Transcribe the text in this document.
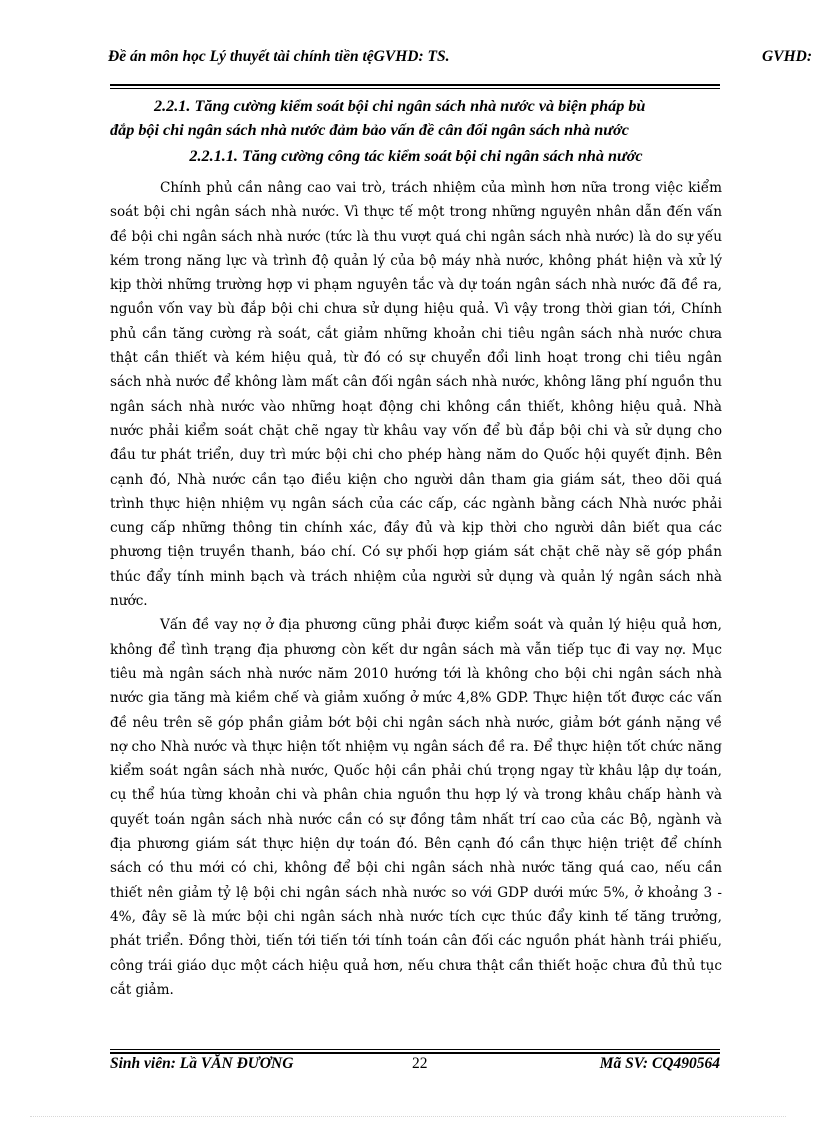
Đề án môn học Lý thuyết tài chính tiền tệGVHD: TS.	GVHD:
2.2.1. Tăng cường kiểm soát bội chi ngân sách nhà nước và biện pháp bù
đắp bội chi ngân sách nhà nước đảm bảo vấn đề cân đối ngân sách nhà nước
2.2.1.1. Tăng cường công tác kiểm soát bội chi ngân sách nhà nước

Chính phủ cần nâng cao vai trò, trách nhiệm của mình hơn nữa trong việc kiểm soát bội chi ngân sách nhà nước. Vì thực tế một trong những nguyên nhân dẫn đến vấn đề bội chi ngân sách nhà nước (tức là thu vượt quá chi ngân sách nhà nước) là do sự yếu kém trong năng lực và trình độ quản lý của bộ máy nhà nước, không phát hiện và xử lý kịp thời những trường hợp vi phạm nguyên tắc và dự toán ngân sách nhà nước đã đề ra, nguồn vốn vay bù đắp bội chi chưa sử dụng hiệu quả. Vì vậy trong thời gian tới, Chính phủ cần tăng cường rà soát, cắt giảm những khoản chi tiêu ngân sách nhà nước chưa thật cần thiết và kém hiệu quả, từ đó có sự chuyển đổi linh hoạt trong chi tiêu ngân sách nhà nước để không làm mất cân đối ngân sách nhà nước, không lãng phí nguồn thu ngân sách nhà nước vào những hoạt động chi không cần thiết, không hiệu quả. Nhà nước phải kiểm soát chặt chẽ ngay từ khâu vay vốn để bù đắp bội chi và sử dụng cho đầu tư phát triển, duy trì mức bội chi cho phép hàng năm do Quốc hội quyết định. Bên cạnh đó, Nhà nước cần tạo điều kiện cho người dân tham gia giám sát, theo dõi quá trình thực hiện nhiệm vụ ngân sách của các cấp, các ngành bằng cách Nhà nước phải cung cấp những thông tin chính xác, đầy đủ và kịp thời cho người dân biết qua các phương tiện truyền thanh, báo chí. Có sự phối hợp giám sát chặt chẽ này sẽ góp phần thúc đẩy tính minh bạch và trách nhiệm của người sử dụng và quản lý ngân sách nhà nước.

Vấn đề vay nợ ở địa phương cũng phải được kiểm soát và quản lý hiệu quả hơn, không để tình trạng địa phương còn kết dư ngân sách mà vẫn tiếp tục đi vay nợ. Mục tiêu mà ngân sách nhà nước năm 2010 hướng tới là không cho bội chi ngân sách nhà nước gia tăng mà kiềm chế và giảm xuống ở mức 4,8% GDP. Thực hiện tốt được các vấn đề nêu trên sẽ góp phần giảm bớt bội chi ngân sách nhà nước, giảm bớt gánh nặng về nợ cho Nhà nước và thực hiện tốt nhiệm vụ ngân sách đề ra. Để thực hiện tốt chức năng kiểm soát ngân sách nhà nước, Quốc hội cần phải chú trọng ngay từ khâu lập dự toán, cụ thể húa từng khoản chi và phân chia nguồn thu hợp lý và trong khâu chấp hành và quyết toán ngân sách nhà nước cần có sự đồng tâm nhất trí cao của các Bộ, ngành và địa phương giám sát thực hiện dự toán đó. Bên cạnh đó cần thực hiện triệt để chính sách có thu mới có chi, không để bội chi ngân sách nhà nước tăng quá cao, nếu cần thiết nên giảm tỷ lệ bội chi ngân sách nhà nước so với GDP dưới mức 5%, ở khoảng 3 - 4%, đây sẽ là mức bội chi ngân sách nhà nước tích cực thúc đẩy kinh tế tăng trưởng, phát triển. Đồng thời, tiến tới tiến tới tính toán cân đối các nguồn phát hành trái phiếu, công trái giáo dục một cách hiệu quả hơn, nếu chưa thật cần thiết hoặc chưa đủ thủ tục cắt giảm.

Sinh viên: Lầ VĂN ĐƯƠNG	22	Mã SV: CQ490564
